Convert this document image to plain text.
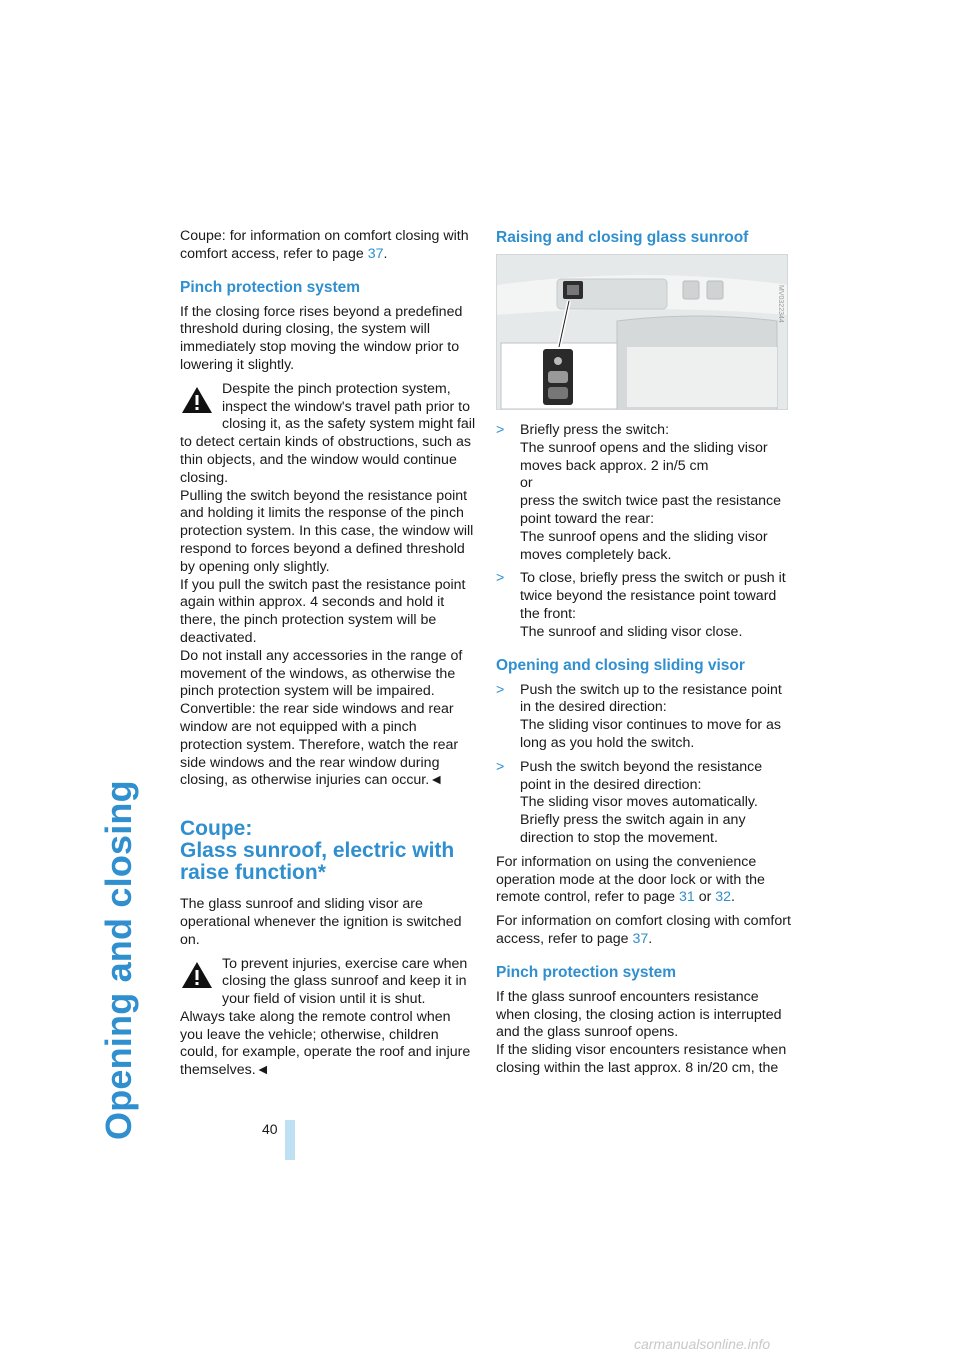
Opening and closing	40

Coupe: for information on comfort closing with comfort access, refer to page 37.

Pinch protection system

If the closing force rises beyond a predefined threshold during closing, the system will immediately stop moving the window prior to lowering it slightly.

Despite the pinch protection system, inspect the window's travel path prior to closing it, as the safety system might fail to detect certain kinds of obstructions, such as thin objects, and the window would continue closing.

Pulling the switch beyond the resistance point and holding it limits the response of the pinch protection system. In this case, the window will respond to forces beyond a defined threshold by opening only slightly.

If you pull the switch past the resistance point again within approx. 4 seconds and hold it there, the pinch protection system will be deactivated.

Do not install any accessories in the range of movement of the windows, as otherwise the pinch protection system will be impaired.

Convertible: the rear side windows and rear window are not equipped with a pinch protection system. Therefore, watch the rear side windows and the rear window during closing, as otherwise injuries can occur.◄

Coupe:
Glass sunroof, electric with raise function*

The glass sunroof and sliding visor are operational whenever the ignition is switched on.

To prevent injuries, exercise care when closing the glass sunroof and keep it in your field of vision until it is shut.

Always take along the remote control when you leave the vehicle; otherwise, children could, for example, operate the roof and injure themselves.◄

Raising and closing glass sunroof
MV0322344
> Briefly press the switch:
The sunroof opens and the sliding visor moves back approx. 2 in/5 cm
or
press the switch twice past the resistance point toward the rear:
The sunroof opens and the sliding visor moves completely back.
> To close, briefly press the switch or push it twice beyond the resistance point toward the front:
The sunroof and sliding visor close.
Opening and closing sliding visor
> Push the switch up to the resistance point in the desired direction:
The sliding visor continues to move for as long as you hold the switch.
> Push the switch beyond the resistance point in the desired direction:
The sliding visor moves automatically.
Briefly press the switch again in any direction to stop the movement.

For information on using the convenience operation mode at the door lock or with the remote control, refer to page 31 or 32.

For information on comfort closing with comfort access, refer to page 37.

Pinch protection system

If the glass sunroof encounters resistance when closing, the closing action is interrupted and the glass sunroof opens.

If the sliding visor encounters resistance when closing within the last approx. 8 in/20 cm, the

carmanualsonline.info
